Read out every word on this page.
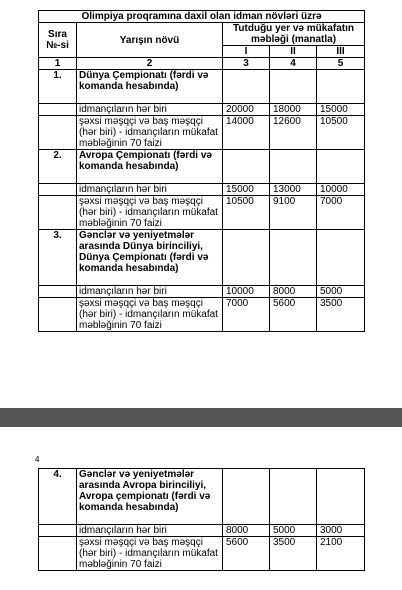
Olimpiya proqramına daxil olan idman növləri üzrə				
Sıra №-si	Yarışın növü	Tutduğu yer və mükafatın məbləği (manatla)		
		I	II	III
1	2	3	4	5
1.	Dünya Çempionatı (fərdi və komanda hesabında)			
	idmançıların hər biri	20000	18000	15000
	şəxsi məşqçi və baş məşqçi (hər biri) - idmançıların mükafat məbləğinin 70 faizi	14000	12600	10500
2.	Avropa Çempionatı (fərdi və komanda hesabında)			
	idmançıların hər biri	15000	13000	10000
	şəxsi məşqçi və baş məşqçi (hər biri) - idmançıların mükafat məbləğinin 70 faizi	10500	9100	7000
3.	Gənclər və yeniyetmələr arasında Dünya birinciliyi, Dünya Çempionatı (fərdi və komanda hesabında)			
	idmançıların hər biri	10000	8000	5000
	şəxsi məşqçi və baş məşqçi (hər biri) - idmançıların mükafat məbləğinin 70 faizi	7000	5600	3500
4
4.	Gənclər və yeniyetmələr arasında Avropa birinciliyi, Avropa çempionatı (fərdi və komanda hesabında)			
	idmançıların hər biri	8000	5000	3000
	şəxsi məşqçi və baş məşqçi (hər biri) - idmançıların mükafat məbləğinin 70 faizi	5600	3500	2100
